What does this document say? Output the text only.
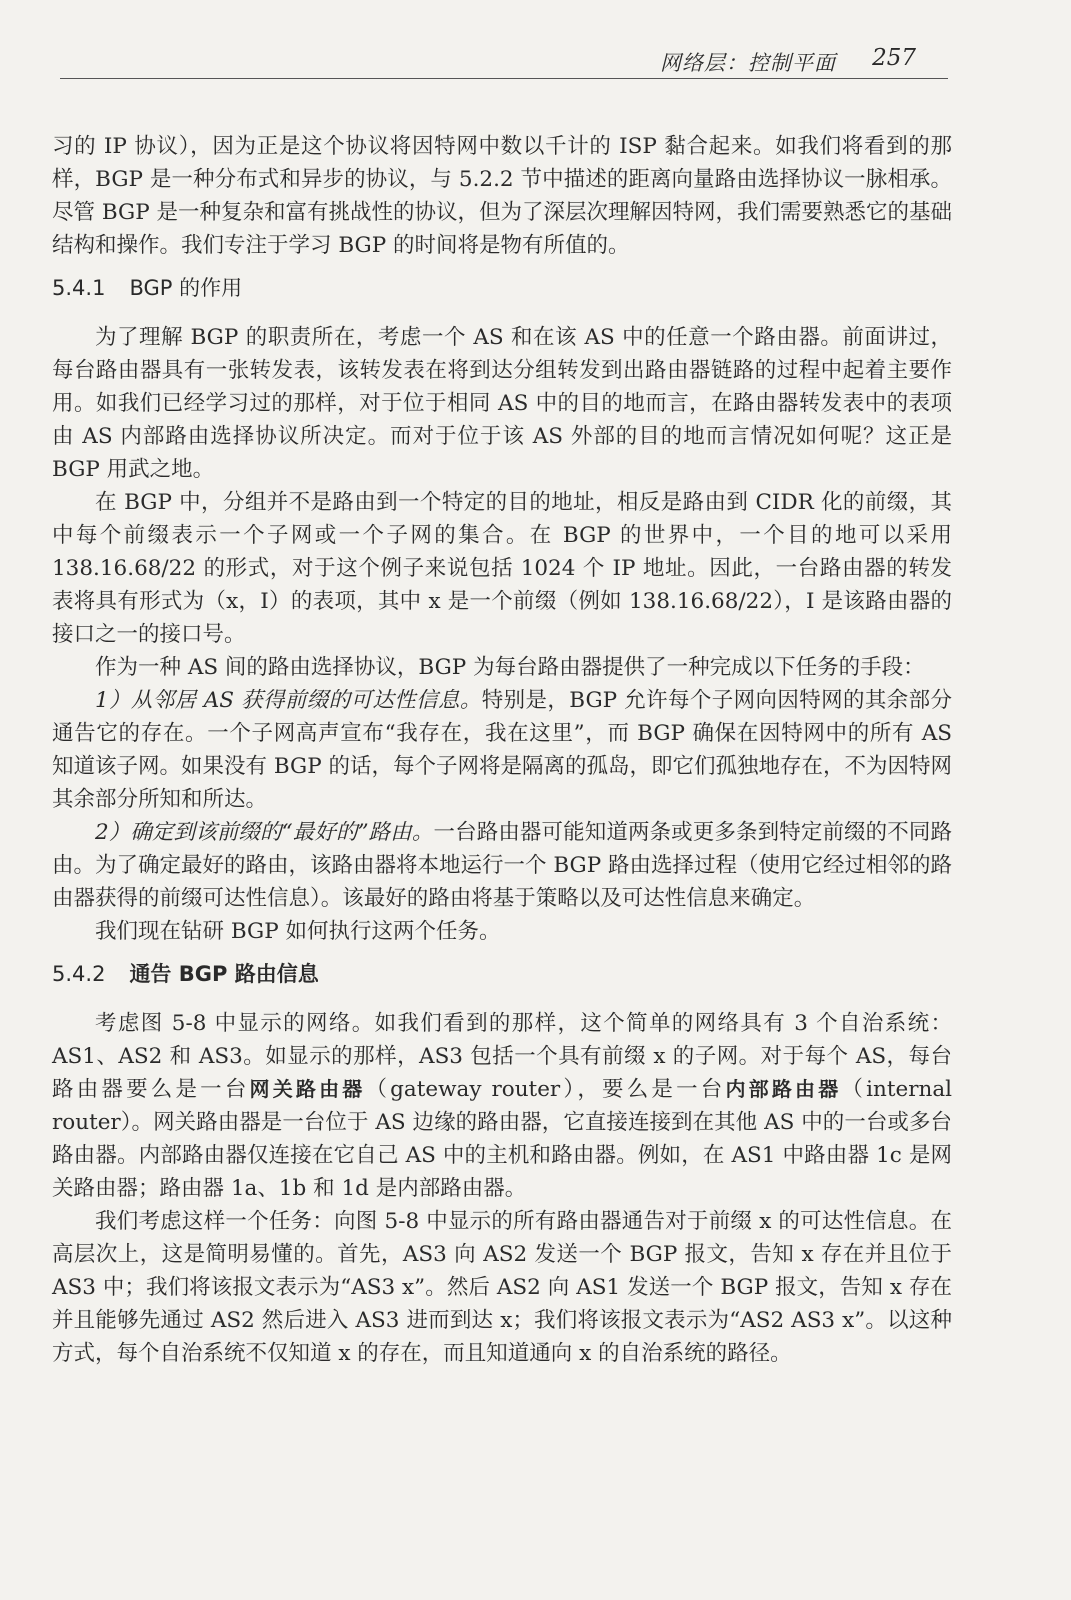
网络层：控制平面 257

习的 IP 协议），因为正是这个协议将因特网中数以千计的 ISP 黏合起来。如我们将看到的那样，BGP 是一种分布式和异步的协议，与 5.2.2 节中描述的距离向量路由选择协议一脉相承。尽管 BGP 是一种复杂和富有挑战性的协议，但为了深层次理解因特网，我们需要熟悉它的基础结构和操作。我们专注于学习 BGP 的时间将是物有所值的。

5.4.1 BGP 的作用

为了理解 BGP 的职责所在，考虑一个 AS 和在该 AS 中的任意一个路由器。前面讲过，每台路由器具有一张转发表，该转发表在将到达分组转发到出路由器链路的过程中起着主要作用。如我们已经学习过的那样，对于位于相同 AS 中的目的地而言，在路由器转发表中的表项由 AS 内部路由选择协议所决定。而对于位于该 AS 外部的目的地而言情况如何呢？这正是 BGP 用武之地。

在 BGP 中，分组并不是路由到一个特定的目的地址，相反是路由到 CIDR 化的前缀，其中每个前缀表示一个子网或一个子网的集合。在 BGP 的世界中，一个目的地可以采用 138.16.68/22 的形式，对于这个例子来说包括 1024 个 IP 地址。因此，一台路由器的转发表将具有形式为（x，I）的表项，其中 x 是一个前缀（例如 138.16.68/22），I 是该路由器的接口之一的接口号。

作为一种 AS 间的路由选择协议，BGP 为每台路由器提供了一种完成以下任务的手段：

1）从邻居 AS 获得前缀的可达性信息。特别是，BGP 允许每个子网向因特网的其余部分通告它的存在。一个子网高声宣布“我存在，我在这里”，而 BGP 确保在因特网中的所有 AS 知道该子网。如果没有 BGP 的话，每个子网将是隔离的孤岛，即它们孤独地存在，不为因特网其余部分所知和所达。

2）确定到该前缀的“最好的”路由。一台路由器可能知道两条或更多条到特定前缀的不同路由。为了确定最好的路由，该路由器将本地运行一个 BGP 路由选择过程（使用它经过相邻的路由器获得的前缀可达性信息）。该最好的路由将基于策略以及可达性信息来确定。

我们现在钻研 BGP 如何执行这两个任务。

5.4.2 通告 BGP 路由信息

考虑图 5-8 中显示的网络。如我们看到的那样，这个简单的网络具有 3 个自治系统：AS1、AS2 和 AS3。如显示的那样，AS3 包括一个具有前缀 x 的子网。对于每个 AS，每台路由器要么是一台网关路由器（gateway router），要么是一台内部路由器（internal router）。网关路由器是一台位于 AS 边缘的路由器，它直接连接到在其他 AS 中的一台或多台路由器。内部路由器仅连接在它自己 AS 中的主机和路由器。例如，在 AS1 中路由器 1c 是网关路由器；路由器 1a、1b 和 1d 是内部路由器。

我们考虑这样一个任务：向图 5-8 中显示的所有路由器通告对于前缀 x 的可达性信息。在高层次上，这是简明易懂的。首先，AS3 向 AS2 发送一个 BGP 报文，告知 x 存在并且位于 AS3 中；我们将该报文表示为“AS3 x”。然后 AS2 向 AS1 发送一个 BGP 报文，告知 x 存在并且能够先通过 AS2 然后进入 AS3 进而到达 x；我们将该报文表示为“AS2 AS3 x”。以这种方式，每个自治系统不仅知道 x 的存在，而且知道通向 x 的自治系统的路径。
